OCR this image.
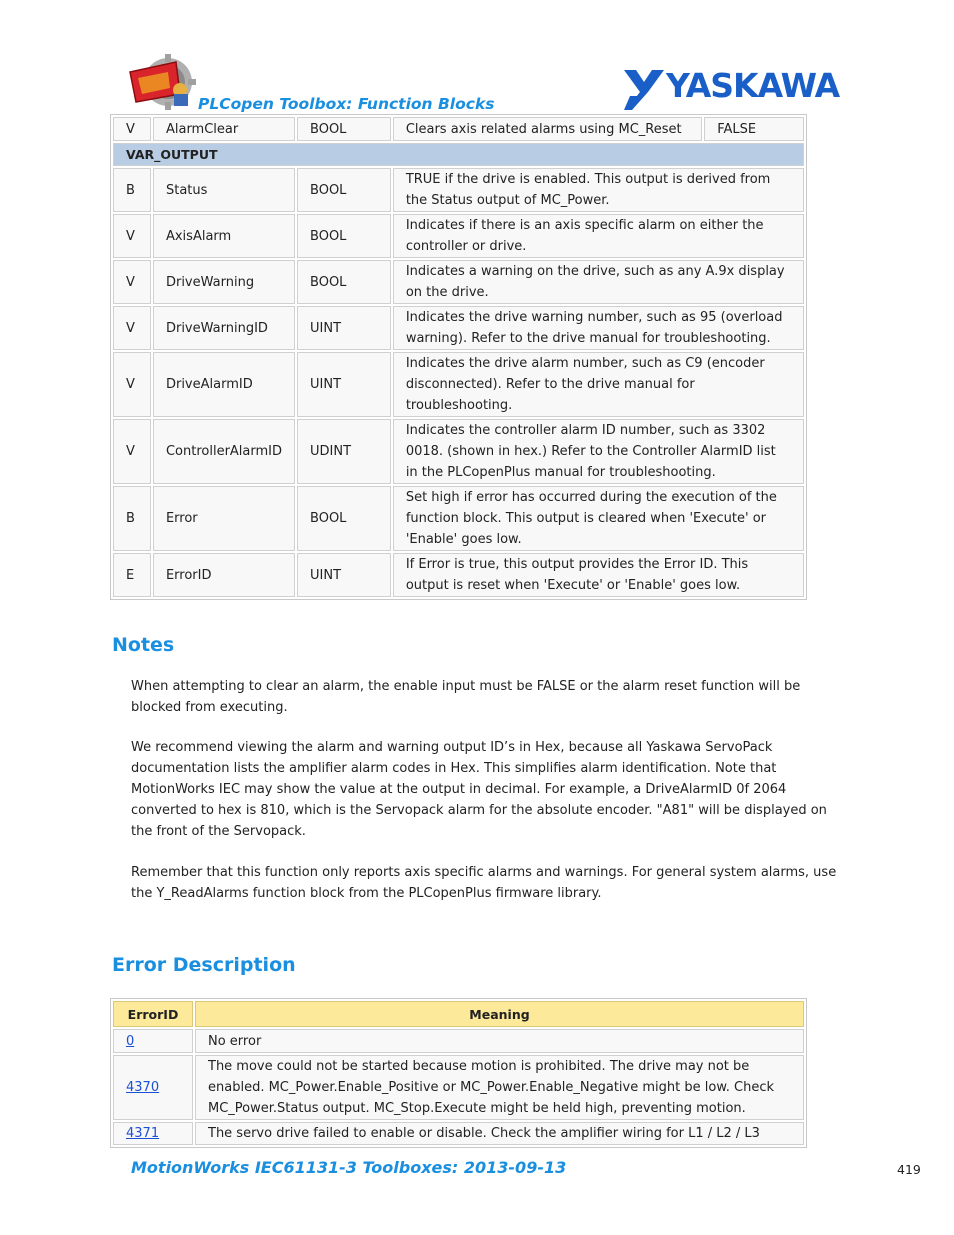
PLCopen Toolbox: Function Blocks	YASKAWA
V	AlarmClear	BOOL	Clears axis related alarms using MC_Reset	FALSE
VAR_OUTPUT				
B	Status	BOOL	TRUE if the drive is enabled. This output is derived from the Status output of MC_Power.	
V	AxisAlarm	BOOL	Indicates if there is an axis specific alarm on either the controller or drive.	
V	DriveWarning	BOOL	Indicates a warning on the drive, such as any A.9x display on the drive.	
V	DriveWarningID	UINT	Indicates the drive warning number, such as 95 (overload warning). Refer to the drive manual for troubleshooting.	
V	DriveAlarmID	UINT	Indicates the drive alarm number, such as C9 (encoder disconnected). Refer to the drive manual for troubleshooting.	
V	ControllerAlarmID	UDINT	Indicates the controller alarm ID number, such as 3302 0018. (shown in hex.) Refer to the Controller AlarmID list in the PLCopenPlus manual for troubleshooting.	
B	Error	BOOL	Set high if error has occurred during the execution of the function block. This output is cleared when 'Execute' or 'Enable' goes low.	
E	ErrorID	UINT	If Error is true, this output provides the Error ID. This output is reset when 'Execute' or 'Enable' goes low.	
Notes
When attempting to clear an alarm, the enable input must be FALSE or the alarm reset function will be blocked from executing.
We recommend viewing the alarm and warning output ID’s in Hex, because all Yaskawa ServoPack documentation lists the amplifier alarm codes in Hex. This simplifies alarm identification. Note that MotionWorks IEC may show the value at the output in decimal. For example, a DriveAlarmID 0f 2064 converted to hex is 810, which is the Servopack alarm for the absolute encoder. "A81" will be displayed on the front of the Servopack.
Remember that this function only reports axis specific alarms and warnings. For general system alarms, use the Y_ReadAlarms function block from the PLCopenPlus firmware library.
Error Description
ErrorID	Meaning
0	No error
4370	The move could not be started because motion is prohibited. The drive may not be enabled. MC_Power.Enable_Positive or MC_Power.Enable_Negative might be low. Check MC_Power.Status output. MC_Stop.Execute might be held high, preventing motion.
4371	The servo drive failed to enable or disable. Check the amplifier wiring for L1 / L2 / L3
MotionWorks IEC61131-3 Toolboxes: 2013-09-13	419
